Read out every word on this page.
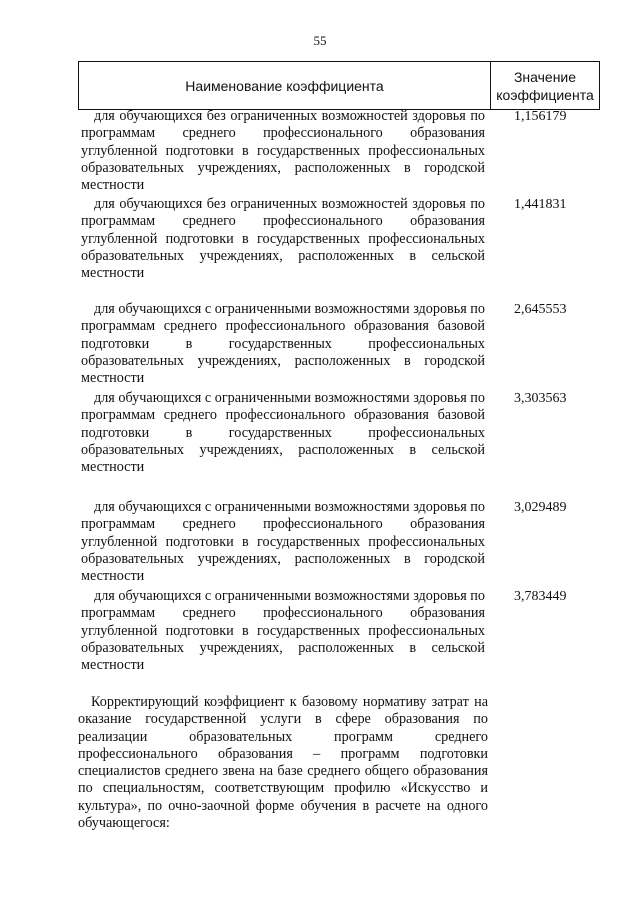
55
Наименование коэффициента
Значение
коэффициента
для обучающихся без ограниченных возможностей здоровья по программам среднего профессионального образования углубленной подготовки в государственных профессиональных образовательных учреждениях, расположенных в городской местности
1,156179
для обучающихся без ограниченных возможностей здоровья по программам среднего профессионального образования углубленной подготовки в государственных профессиональных образовательных учреждениях, расположенных в сельской местности
1,441831
для обучающихся с ограниченными возможностями здоровья по программам среднего профессионального образования базовой подготовки в государственных профессиональных образовательных учреждениях, расположенных в городской местности
2,645553
для обучающихся с ограниченными возможностями здоровья по программам среднего профессионального образования базовой подготовки в государственных профессиональных образовательных учреждениях, расположенных в сельской местности
3,303563
для обучающихся с ограниченными возможностями здоровья по программам среднего профессионального образования углубленной подготовки в государственных профессиональных образовательных учреждениях, расположенных в городской местности
3,029489
для обучающихся с ограниченными возможностями здоровья по программам среднего профессионального образования углубленной подготовки в государственных профессиональных образовательных учреждениях, расположенных в сельской местности
3,783449
Корректирующий коэффициент к базовому нормативу затрат на оказание государственной услуги в сфере образования по реализации образовательных программ среднего профессионального образования – программ подготовки специалистов среднего звена на базе среднего общего образования по специальностям, соответствующим профилю «Искусство и культура», по очно-заочной форме обучения в расчете на одного обучающегося:
